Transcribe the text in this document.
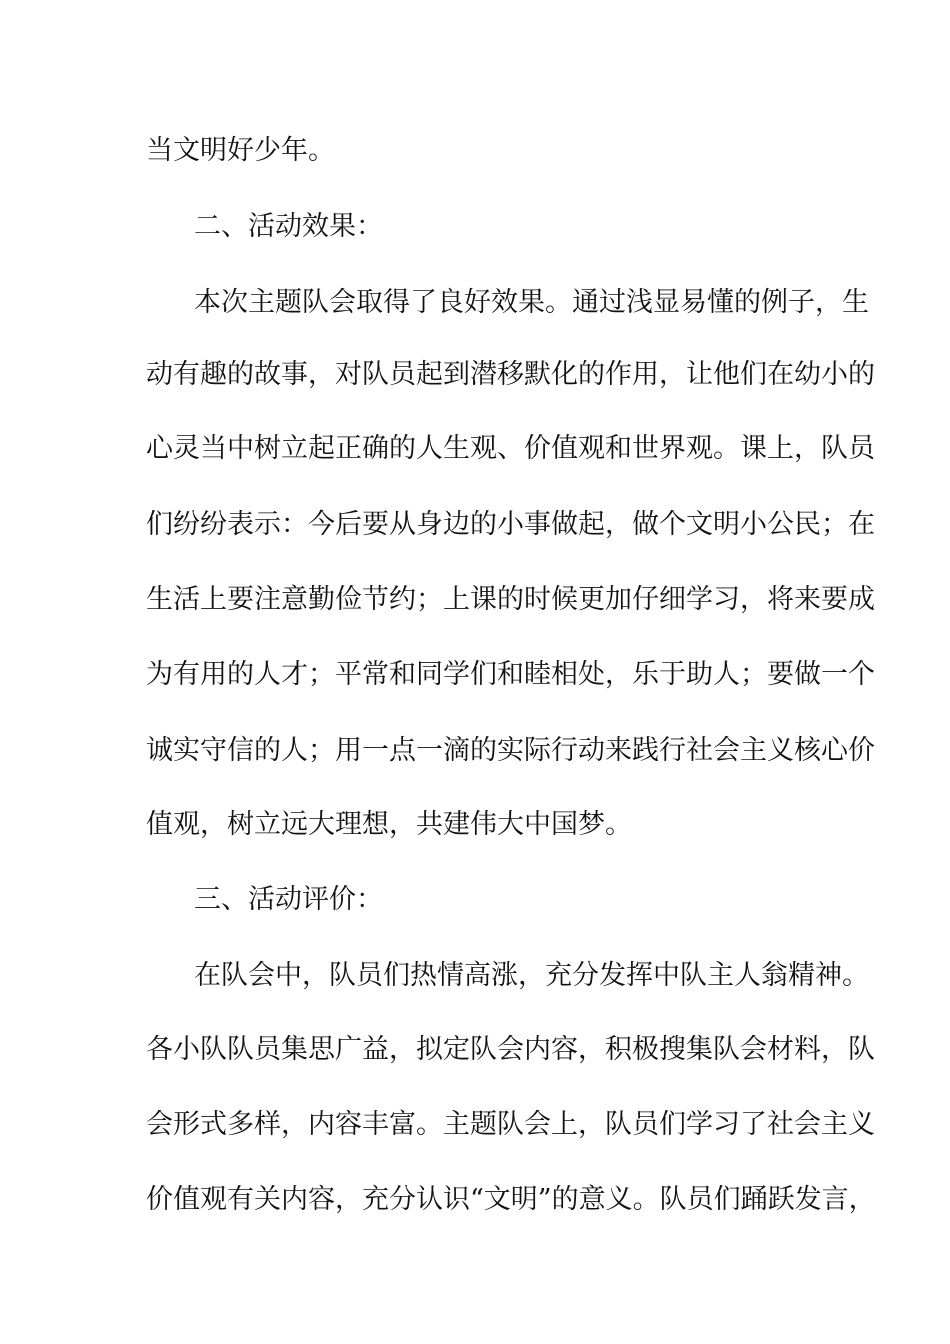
当文明好少年。
二、活动效果：
本次主题队会取得了良好效果。通过浅显易懂的例子，生
动有趣的故事，对队员起到潜移默化的作用，让他们在幼小的
心灵当中树立起正确的人生观、价值观和世界观。课上，队员
们纷纷表示：今后要从身边的小事做起，做个文明小公民；在
生活上要注意勤俭节约；上课的时候更加仔细学习，将来要成
为有用的人才；平常和同学们和睦相处，乐于助人；要做一个
诚实守信的人；用一点一滴的实际行动来践行社会主义核心价
值观，树立远大理想，共建伟大中国梦。
三、活动评价：
在队会中，队员们热情高涨，充分发挥中队主人翁精神。
各小队队员集思广益，拟定队会内容，积极搜集队会材料，队
会形式多样，内容丰富。主题队会上，队员们学习了社会主义
价值观有关内容，充分认识“文明”的意义。队员们踊跃发言，
